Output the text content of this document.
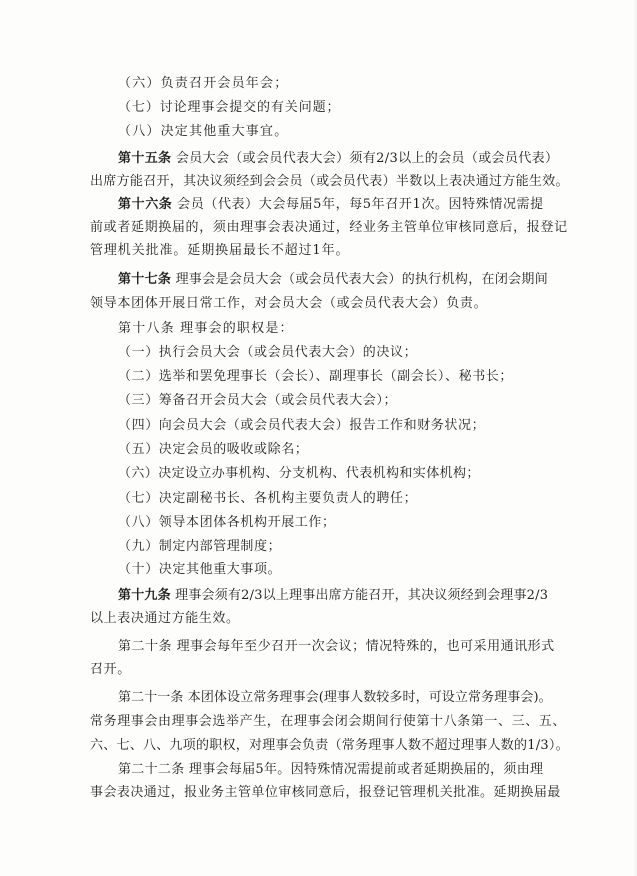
（六）负责召开会员年会；
（七）讨论理事会提交的有关问题；
（八）决定其他重大事宜。
第十五条 会员大会（或会员代表大会）须有2/3以上的会员（或会员代表）
出席方能召开，其决议须经到会会员（或会员代表）半数以上表决通过方能生效。
第十六条 会员（代表）大会每届5年，每5年召开1次。因特殊情况需提
前或者延期换届的，须由理事会表决通过，经业务主管单位审核同意后，报登记
管理机关批准。延期换届最长不超过1年。
第十七条 理事会是会员大会（或会员代表大会）的执行机构，在闭会期间
领导本团体开展日常工作，对会员大会（或会员代表大会）负责。
第十八条 理事会的职权是：
（一）执行会员大会（或会员代表大会）的决议；
（二）选举和罢免理事长（会长）、副理事长（副会长）、秘书长；
（三）筹备召开会员大会（或会员代表大会）；
（四）向会员大会（或会员代表大会）报告工作和财务状况；
（五）决定会员的吸收或除名；
（六）决定设立办事机构、分支机构、代表机构和实体机构；
（七）决定副秘书长、各机构主要负责人的聘任；
（八）领导本团体各机构开展工作；
（九）制定内部管理制度；
（十）决定其他重大事项。
第十九条 理事会须有2/3以上理事出席方能召开，其决议须经到会理事2/3
以上表决通过方能生效。
第二十条 理事会每年至少召开一次会议；情况特殊的，也可采用通讯形式
召开。
第二十一条 本团体设立常务理事会(理事人数较多时，可设立常务理事会)。
常务理事会由理事会选举产生，在理事会闭会期间行使第十八条第一、三、五、
六、七、八、九项的职权，对理事会负责（常务理事人数不超过理事人数的1/3）。
第二十二条 理事会每届5年。因特殊情况需提前或者延期换届的，须由理
事会表决通过，报业务主管单位审核同意后，报登记管理机关批准。延期换届最
